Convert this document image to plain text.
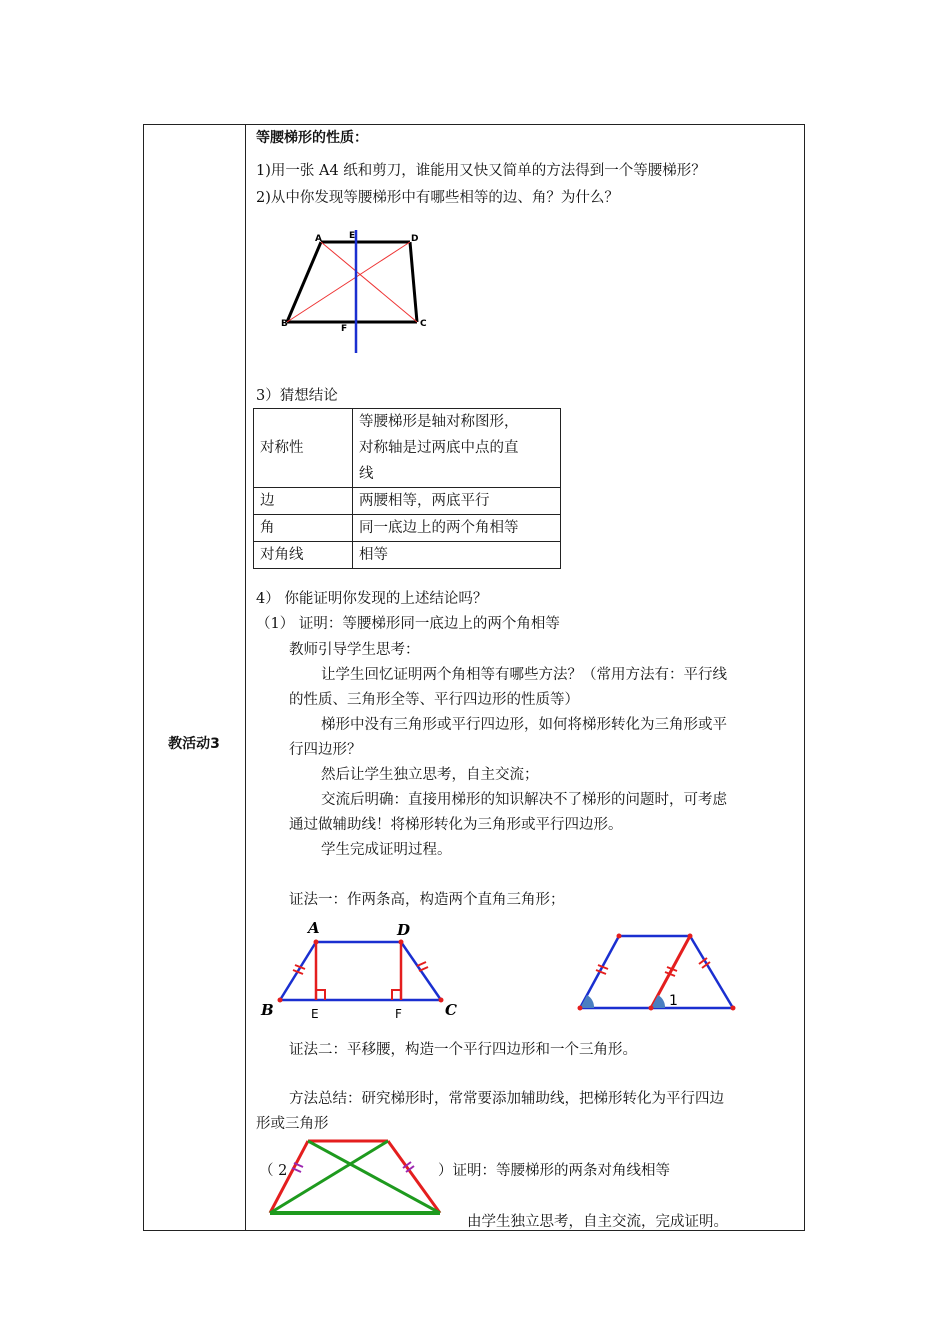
教活动3
等腰梯形的性质：
1)用一张 A4 纸和剪刀，谁能用又快又简单的方法得到一个等腰梯形？
2)从中你发现等腰梯形中有哪些相等的边、角？为什么？
A	E	D
B	F	C
3）猜想结论
对称性	等腰梯形是轴对称图形，
对称轴是过两底中点的直
线

边	两腰相等，两底平行
角	同一底边上的两个角相等
对角线	相等
4） 你能证明你发现的上述结论吗？
（1） 证明：等腰梯形同一底边上的两个角相等
教师引导学生思考：
让学生回忆证明两个角相等有哪些方法？（常用方法有：平行线
的性质、三角形全等、平行四边形的性质等）
梯形中没有三角形或平行四边形，如何将梯形转化为三角形或平
行四边形？
然后让学生独立思考，自主交流；
交流后明确：直接用梯形的知识解决不了梯形的问题时，可考虑
通过做辅助线！将梯形转化为三角形或平行四边形。
学生完成证明过程。
证法一：作两条高，构造两个直角三角形；
A	D
B	C
E	F
1
证法二：平移腰，构造一个平行四边形和一个三角形。
方法总结：研究梯形时，常常要添加辅助线，把梯形转化为平行四边
形或三角形
（ 2	）证明：等腰梯形的两条对角线相等
由学生独立思考，自主交流，完成证明。
